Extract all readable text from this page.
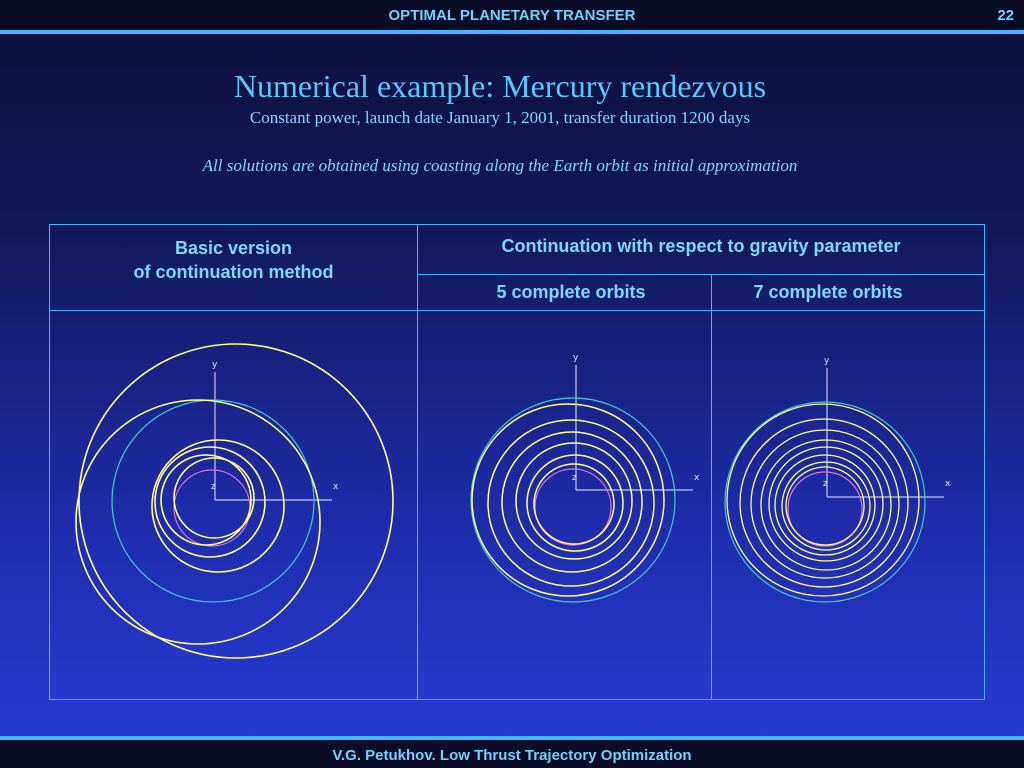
OPTIMAL PLANETARY TRANSFER	22
Numerical example: Mercury rendezvous
Constant power, launch date January 1, 2001, transfer duration 1200 days
All solutions are obtained using coasting along the Earth orbit as initial approximation
Basic version
of continuation method
Continuation with respect to gravity parameter
5 complete orbits	7 complete orbits
y
x
z
y
x
z
y
x
z
V.G. Petukhov. Low Thrust Trajectory Optimization
